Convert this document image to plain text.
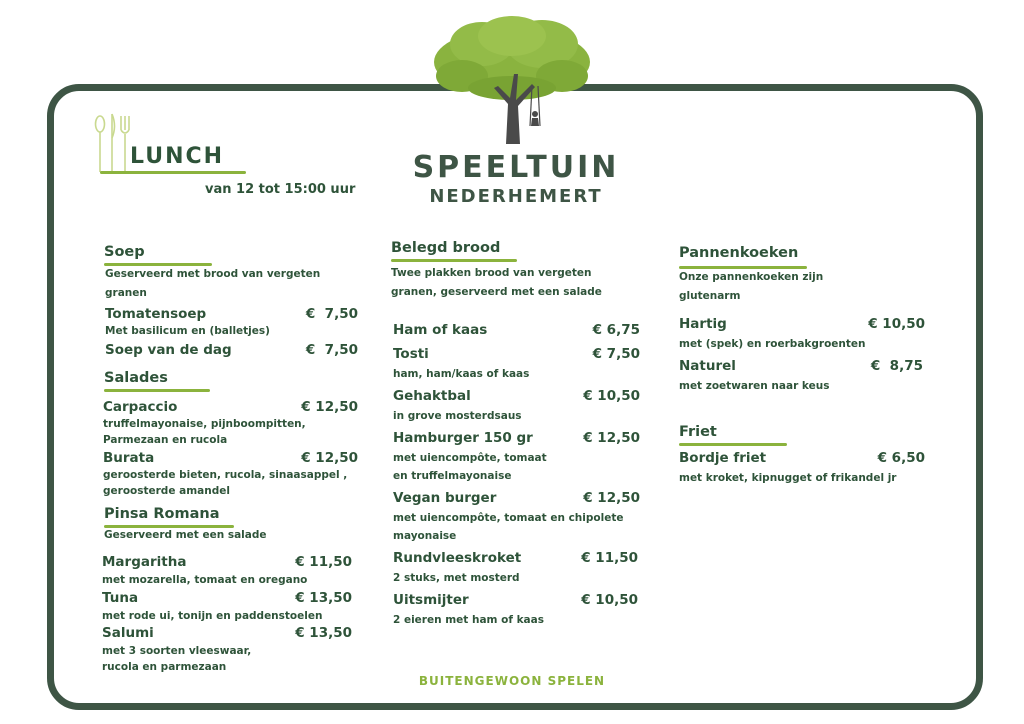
SPEELTUIN
NEDERHEMERT
LUNCH
van 12 tot 15:00 uur
Soep
Geserveerd met brood van vergeten
granen
Tomatensoep	€  7,50
Met basilicum en (balletjes)
Soep van de dag	€  7,50
Salades
Carpaccio	€ 12,50
truffelmayonaise, pijnboompitten,
Parmezaan en rucola
Burata	€ 12,50
geroosterde bieten, rucola, sinaasappel ,
geroosterde amandel
Pinsa Romana
Geserveerd met een salade
Margaritha	€ 11,50
met mozarella, tomaat en oregano
Tuna	€ 13,50
met rode ui, tonijn en paddenstoelen
Salumi	€ 13,50
met 3 soorten vleeswaar,
rucola en parmezaan
Belegd brood
Twee plakken brood van vergeten
granen, geserveerd met een salade
Ham of kaas	€ 6,75
Tosti	€ 7,50
ham, ham/kaas of kaas
Gehaktbal	€ 10,50
in grove mosterdsaus
Hamburger 150 gr	€ 12,50
met uiencompôte, tomaat
en truffelmayonaise
Vegan burger	€ 12,50
met uiencompôte, tomaat en chipolete
mayonaise
Rundvleeskroket	€ 11,50
2 stuks, met mosterd
Uitsmijter	€ 10,50
2 eieren met ham of kaas
Pannenkoeken
Onze pannenkoeken zijn
glutenarm
Hartig	€ 10,50
met (spek) en roerbakgroenten
Naturel	€  8,75
met zoetwaren naar keus
Friet
Bordje friet	€ 6,50
met kroket, kipnugget of frikandel jr
BUITENGEWOON SPELEN
